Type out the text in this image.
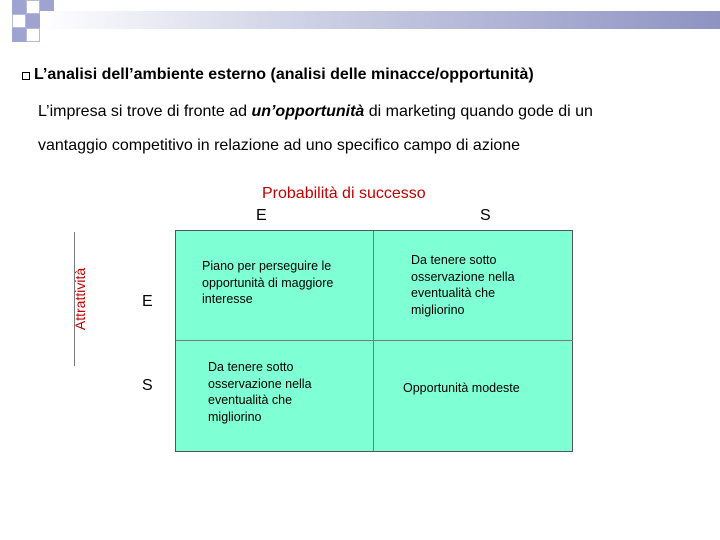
L’analisi dell’ambiente esterno (analisi delle minacce/opportunità)
L’impresa si trove di fronte ad un’opportunità di marketing quando gode di un
vantaggio competitivo in relazione ad uno specifico campo di azione
Probabilità di successo
E	S
Attrattività	E
S
Piano per perseguire le opportunità di maggiore interesse
Da tenere sotto osservazione nella eventualità che migliorino
Da tenere sotto osservazione nella eventualità che migliorino
Opportunità modeste
